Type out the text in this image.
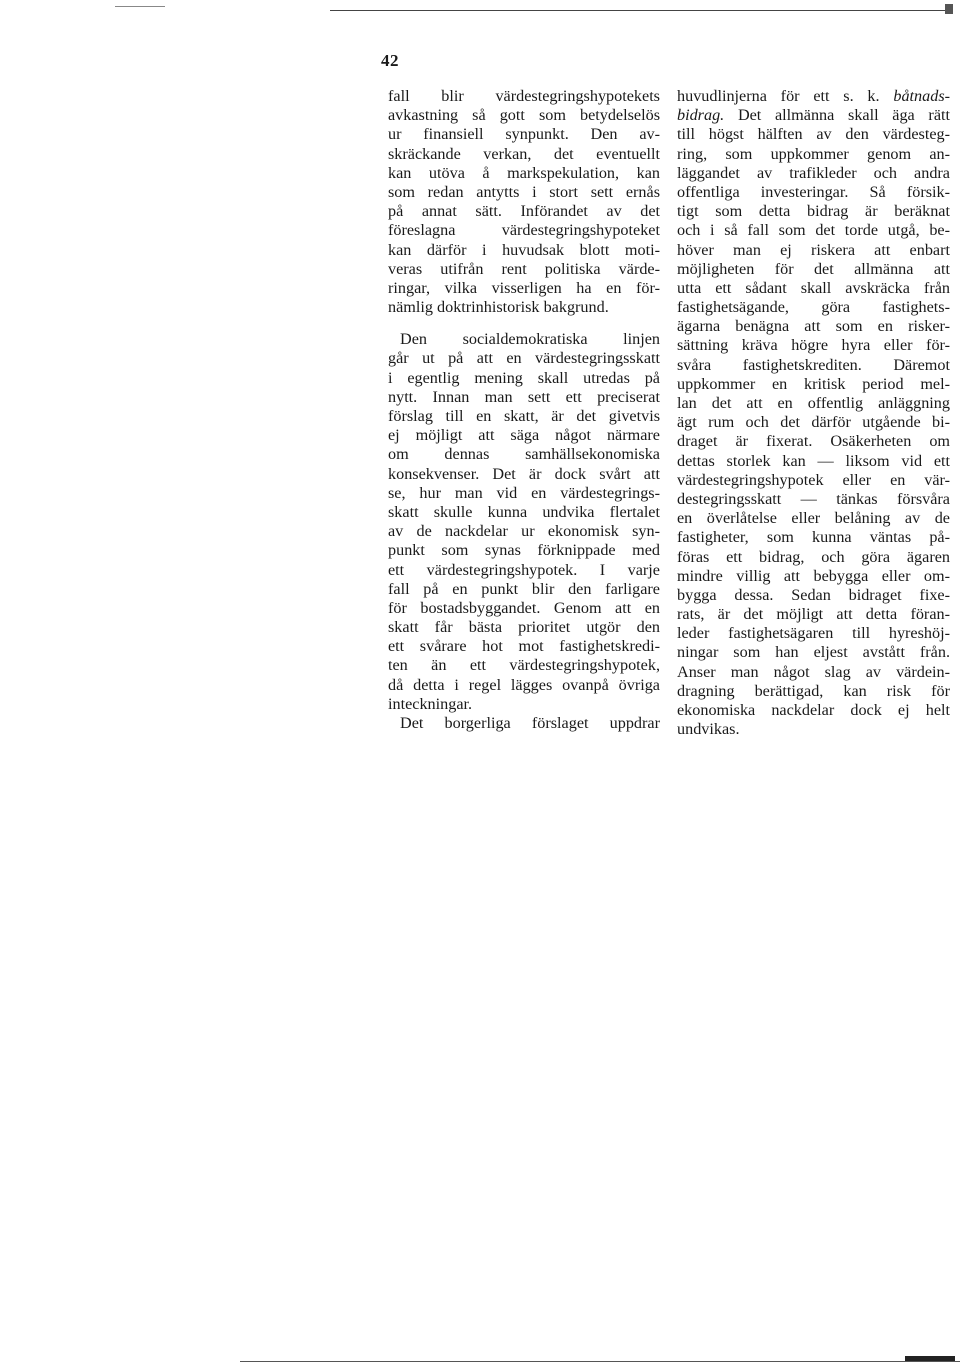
42
fall blir värdestegringshypotekets
avkastning så gott som betydelselös
ur finansiell synpunkt. Den av-
skräckande verkan, det eventuellt
kan utöva å markspekulation, kan
som redan antytts i stort sett ernås
på annat sätt. Införandet av det
föreslagna värdestegringshypoteket
kan därför i huvudsak blott moti-
veras utifrån rent politiska värde-
ringar, vilka visserligen ha en för-
nämlig doktrinhistorisk bakgrund.
Den socialdemokratiska linjen
går ut på att en värdestegringsskatt
i egentlig mening skall utredas på
nytt. Innan man sett ett preciserat
förslag till en skatt, är det givetvis
ej möjligt att säga något närmare
om dennas samhällsekonomiska
konsekvenser. Det är dock svårt att
se, hur man vid en värdestegrings-
skatt skulle kunna undvika flertalet
av de nackdelar ur ekonomisk syn-
punkt som synas förknippade med
ett värdestegringshypotek. I varje
fall på en punkt blir den farligare
för bostadsbyggandet. Genom att en
skatt får bästa prioritet utgör den
ett svårare hot mot fastighetskredi-
ten än ett värdestegringshypotek,
då detta i regel lägges ovanpå övriga
inteckningar.
Det borgerliga förslaget uppdrar
huvudlinjerna för ett s. k. båtnads-
bidrag. Det allmänna skall äga rätt
till högst hälften av den värdesteg-
ring, som uppkommer genom an-
läggandet av trafikleder och andra
offentliga investeringar. Så försik-
tigt som detta bidrag är beräknat
och i så fall som det torde utgå, be-
höver man ej riskera att enbart
möjligheten för det allmänna att
utta ett sådant skall avskräcka från
fastighetsägande, göra fastighets-
ägarna benägna att som en risker-
sättning kräva högre hyra eller för-
svåra fastighetskrediten. Däremot
uppkommer en kritisk period mel-
lan det att en offentlig anläggning
ägt rum och det därför utgående bi-
draget är fixerat. Osäkerheten om
dettas storlek kan — liksom vid ett
värdestegringshypotek eller en vär-
destegringsskatt — tänkas försvåra
en överlåtelse eller belåning av de
fastigheter, som kunna väntas på-
föras ett bidrag, och göra ägaren
mindre villig att bebygga eller om-
bygga dessa. Sedan bidraget fixe-
rats, är det möjligt att detta föran-
leder fastighetsägaren till hyreshöj-
ningar som han eljest avstått från.
Anser man något slag av värdein-
dragning berättigad, kan risk för
ekonomiska nackdelar dock ej helt
undvikas.
